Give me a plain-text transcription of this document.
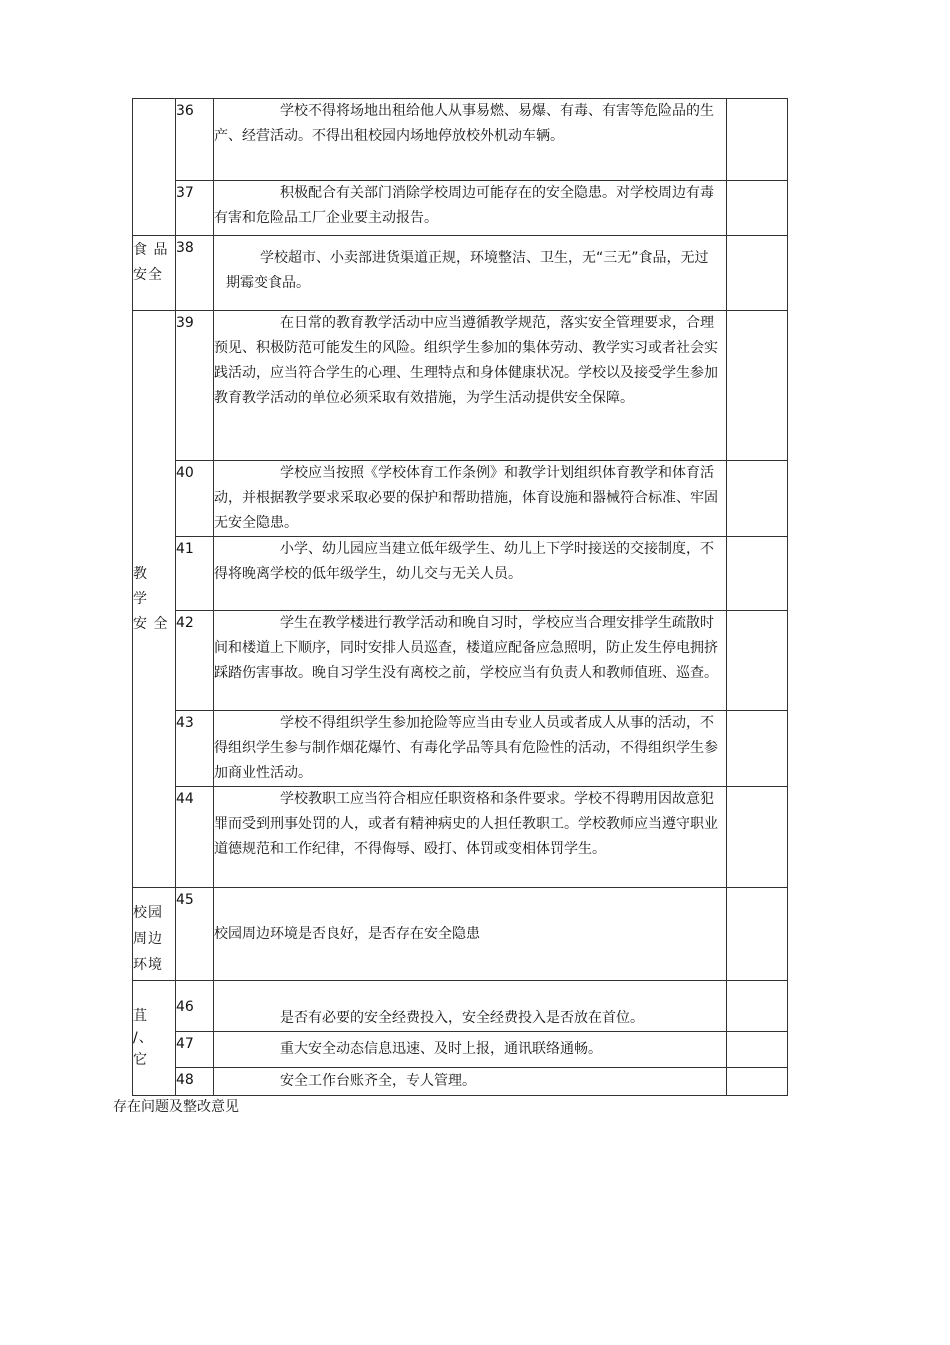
	36	学校不得将场地出租给他人从事易燃、易爆、有毒、有害等危险品的生产、经营活动。不得出租校园内场地停放校外机动车辆。	

	37	积极配合有关部门消除学校周边可能存在的安全隐患。对学校周边有毒有害和危险品工厂企业要主动报告。	

食 品安全	38	学校超市、小卖部进货渠道正规，环境整洁、卫生，无“三无”食品，无过期霉变食品。	

教
学
安 全	39	在日常的教育教学活动中应当遵循教学规范，落实安全管理要求，合理预见、积极防范可能发生的风险。组织学生参加的集体劳动、教学实习或者社会实践活动，应当符合学生的心理、生理特点和身体健康状况。学校以及接受学生参加教育教学活动的单位必须采取有效措施，为学生活动提供安全保障。	

	40	学校应当按照《学校体育工作条例》和教学计划组织体育教学和体育活动，并根据教学要求采取必要的保护和帮助措施，体育设施和器械符合标准、牢固无安全隐患。	

	41	小学、幼儿园应当建立低年级学生、幼儿上下学时接送的交接制度，不得将晚离学校的低年级学生，幼儿交与无关人员。	

	42	学生在教学楼进行教学活动和晚自习时，学校应当合理安排学生疏散时间和楼道上下顺序，同时安排人员巡查，楼道应配备应急照明，防止发生停电拥挤踩踏伤害事故。晚自习学生没有离校之前，学校应当有负责人和教师值班、巡查。	

	43	学校不得组织学生参加抢险等应当由专业人员或者成人从事的活动，不得组织学生参与制作烟花爆竹、有毒化学品等具有危险性的活动，不得组织学生参加商业性活动。	

	44	学校教职工应当符合相应任职资格和条件要求。学校不得聘用因故意犯罪而受到刑事处罚的人，或者有精神病史的人担任教职工。学校教师应当遵守职业道德规范和工作纪律，不得侮辱、殴打、体罚或变相体罚学生。	

校园周边环境	45	校园周边环境是否良好，是否存在安全隐患	

苴
/、
它	46	是否有必要的安全经费投入，安全经费投入是否放在首位。	

	47	重大安全动态信息迅速、及时上报，通讯联络通畅。	

	48	安全工作台账齐全，专人管理。	

存在问题及整改意见
